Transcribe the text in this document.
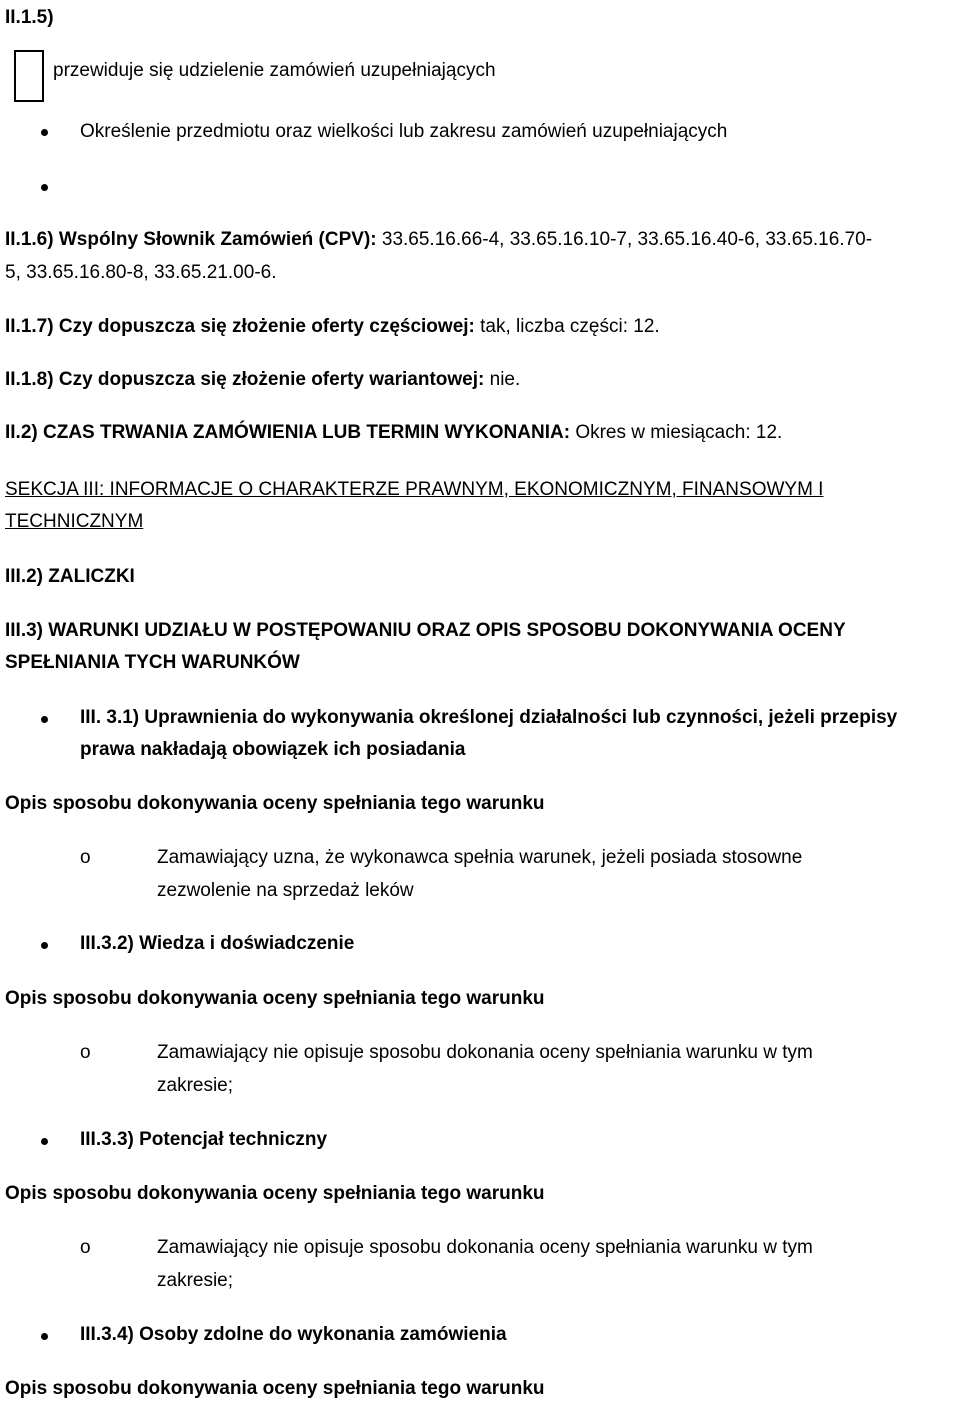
II.1.5)
przewiduje się udzielenie zamówień uzupełniających
Określenie przedmiotu oraz wielkości lub zakresu zamówień uzupełniających
II.1.6) Wspólny Słownik Zamówień (CPV): 33.65.16.66-4, 33.65.16.10-7, 33.65.16.40-6, 33.65.16.70-
5, 33.65.16.80-8, 33.65.21.00-6.
II.1.7) Czy dopuszcza się złożenie oferty częściowej: tak, liczba części: 12.
II.1.8) Czy dopuszcza się złożenie oferty wariantowej: nie.
II.2) CZAS TRWANIA ZAMÓWIENIA LUB TERMIN WYKONANIA: Okres w miesiącach: 12.
SEKCJA III: INFORMACJE O CHARAKTERZE PRAWNYM, EKONOMICZNYM, FINANSOWYM I
TECHNICZNYM
III.2) ZALICZKI
III.3) WARUNKI UDZIAŁU W POSTĘPOWANIU ORAZ OPIS SPOSOBU DOKONYWANIA OCENY
SPEŁNIANIA TYCH WARUNKÓW
III. 3.1) Uprawnienia do wykonywania określonej działalności lub czynności, jeżeli przepisy
prawa nakładają obowiązek ich posiadania
Opis sposobu dokonywania oceny spełniania tego warunku
o	Zamawiający uzna, że wykonawca spełnia warunek, jeżeli posiada stosowne
zezwolenie na sprzedaż leków
III.3.2) Wiedza i doświadczenie
Opis sposobu dokonywania oceny spełniania tego warunku
o	Zamawiający nie opisuje sposobu dokonania oceny spełniania warunku w tym
zakresie;
III.3.3) Potencjał techniczny
Opis sposobu dokonywania oceny spełniania tego warunku
o	Zamawiający nie opisuje sposobu dokonania oceny spełniania warunku w tym
zakresie;
III.3.4) Osoby zdolne do wykonania zamówienia
Opis sposobu dokonywania oceny spełniania tego warunku
